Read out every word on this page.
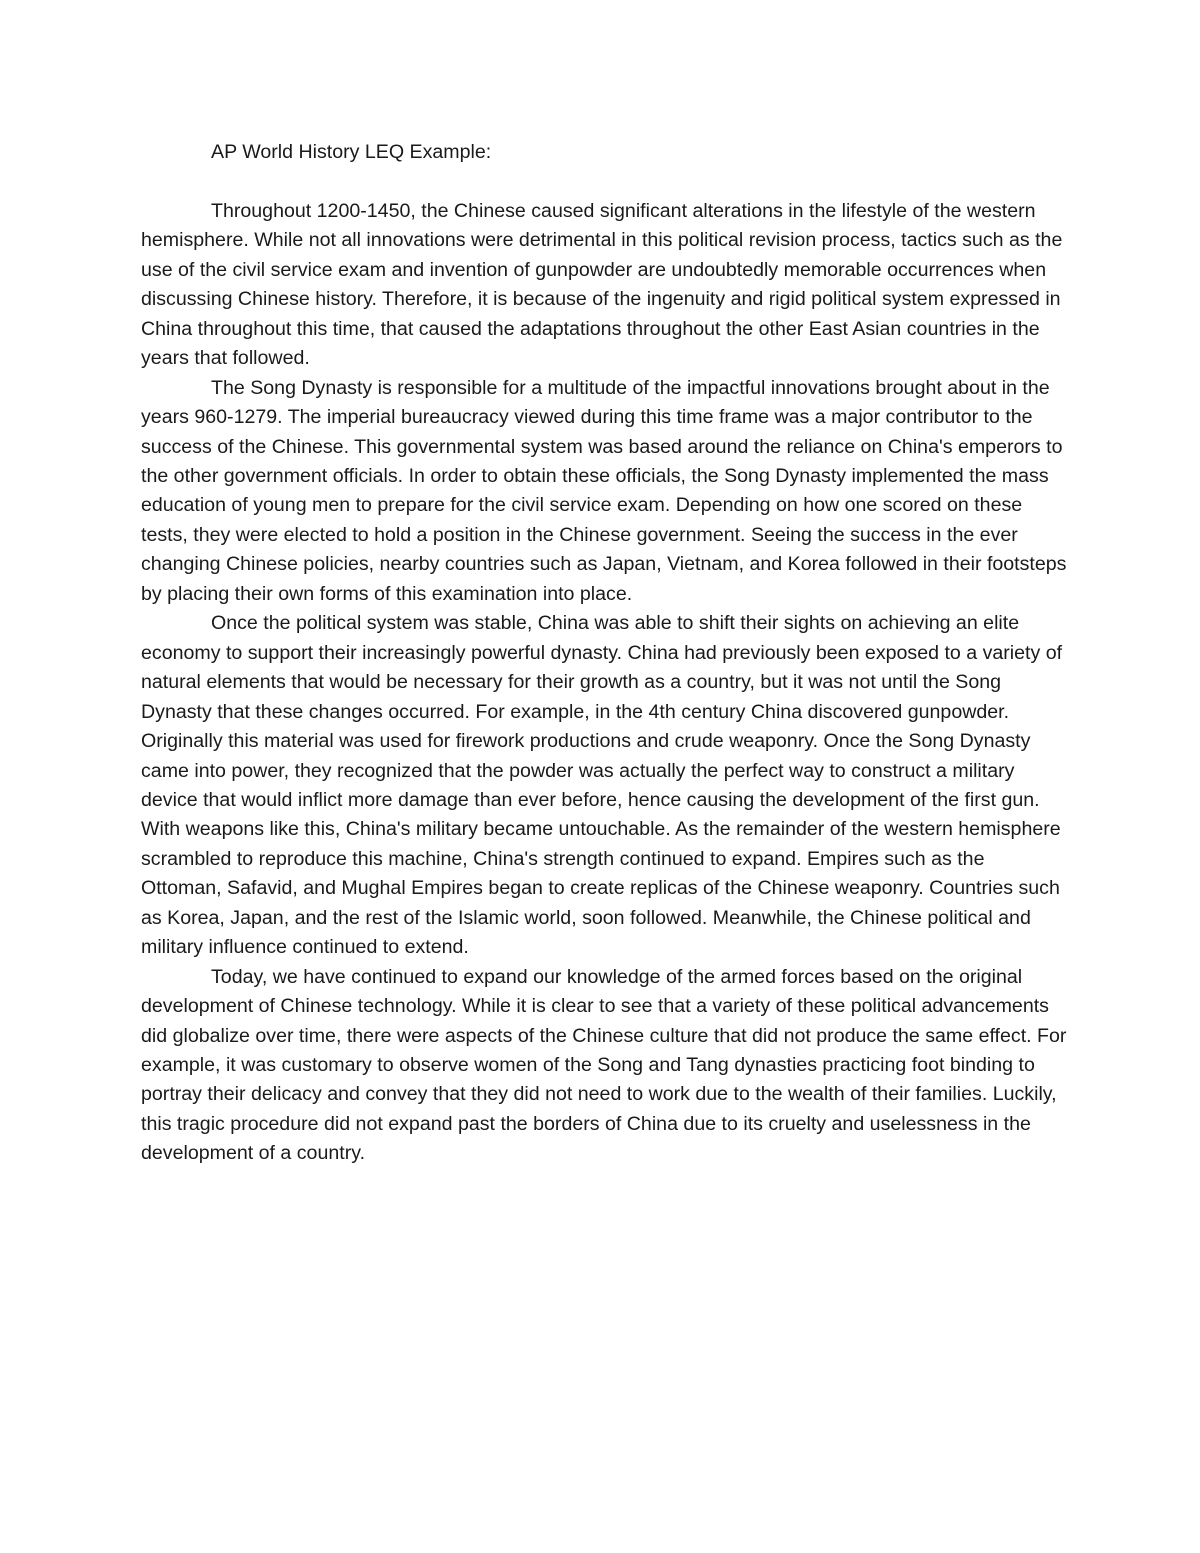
AP World History LEQ Example:

Throughout 1200-1450, the Chinese caused significant alterations in the lifestyle of the western hemisphere. While not all innovations were detrimental in this political revision process, tactics such as the use of the civil service exam and invention of gunpowder are undoubtedly memorable occurrences when discussing Chinese history. Therefore, it is because of the ingenuity and rigid political system expressed in China throughout this time, that caused the adaptations throughout the other East Asian countries in the years that followed.

The Song Dynasty is responsible for a multitude of the impactful innovations brought about in the years 960-1279. The imperial bureaucracy viewed during this time frame was a major contributor to the success of the Chinese. This governmental system was based around the reliance on China's emperors to the other government officials. In order to obtain these officials, the Song Dynasty implemented the mass education of young men to prepare for the civil service exam. Depending on how one scored on these tests, they were elected to hold a position in the Chinese government. Seeing the success in the ever changing Chinese policies, nearby countries such as Japan, Vietnam, and Korea followed in their footsteps by placing their own forms of this examination into place.

Once the political system was stable, China was able to shift their sights on achieving an elite economy to support their increasingly powerful dynasty. China had previously been exposed to a variety of natural elements that would be necessary for their growth as a country, but it was not until the Song Dynasty that these changes occurred. For example, in the 4th century China discovered gunpowder. Originally this material was used for firework productions and crude weaponry. Once the Song Dynasty came into power, they recognized that the powder was actually the perfect way to construct a military device that would inflict more damage than ever before, hence causing the development of the first gun. With weapons like this, China's military became untouchable. As the remainder of the western hemisphere scrambled to reproduce this machine, China's strength continued to expand. Empires such as the Ottoman, Safavid, and Mughal Empires began to create replicas of the Chinese weaponry. Countries such as Korea, Japan, and the rest of the Islamic world, soon followed. Meanwhile, the Chinese political and military influence continued to extend.

Today, we have continued to expand our knowledge of the armed forces based on the original development of Chinese technology. While it is clear to see that a variety of these political advancements did globalize over time, there were aspects of the Chinese culture that did not produce the same effect. For example, it was customary to observe women of the Song and Tang dynasties practicing foot binding to portray their delicacy and convey that they did not need to work due to the wealth of their families. Luckily, this tragic procedure did not expand past the borders of China due to its cruelty and uselessness in the development of a country.
